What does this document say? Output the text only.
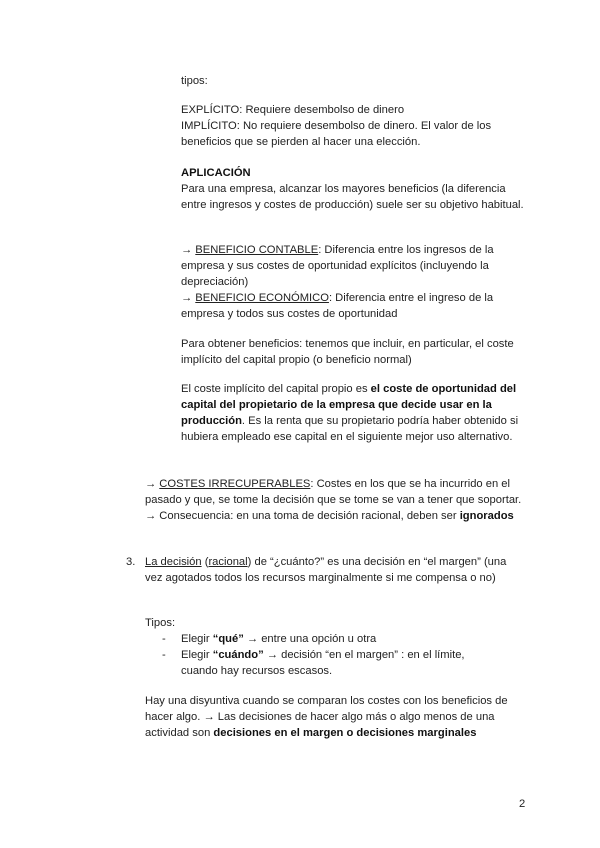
tipos:

EXPLÍCITO: Requiere desembolso de dinero

IMPLÍCITO: No requiere desembolso de dinero. El valor de los beneficios que se pierden al hacer una elección.

APLICACIÓN

Para una empresa, alcanzar los mayores beneficios (la diferencia entre ingresos y costes de producción) suele ser su objetivo habitual.

→ BENEFICIO CONTABLE: Diferencia entre los ingresos de la empresa y sus costes de oportunidad explícitos (incluyendo la depreciación)

→ BENEFICIO ECONÓMICO: Diferencia entre el ingreso de la empresa y todos sus costes de oportunidad

Para obtener beneficios: tenemos que incluir, en particular, el coste implícito del capital propio (o beneficio normal)

El coste implícito del capital propio es el coste de oportunidad del capital del propietario de la empresa que decide usar en la producción. Es la renta que su propietario podría haber obtenido si hubiera empleado ese capital en el siguiente mejor uso alternativo.

→ COSTES IRRECUPERABLES: Costes en los que se ha incurrido en el pasado y que, se tome la decisión que se tome se van a tener que soportar. → Consecuencia: en una toma de decisión racional, deben ser ignorados

3. La decisión (racional) de “¿cuánto?” es una decisión en “el margen” (una vez agotados todos los recursos marginalmente si me compensa o no)

Tipos:

- Elegir “qué” → entre una opción u otra

- Elegir “cuándo” → decisión “en el margen” : en el límite, cuando hay recursos escasos.

Hay una disyuntiva cuando se comparan los costes con los beneficios de hacer algo. → Las decisiones de hacer algo más o algo menos de una actividad son decisiones en el margen o decisiones marginales

2
